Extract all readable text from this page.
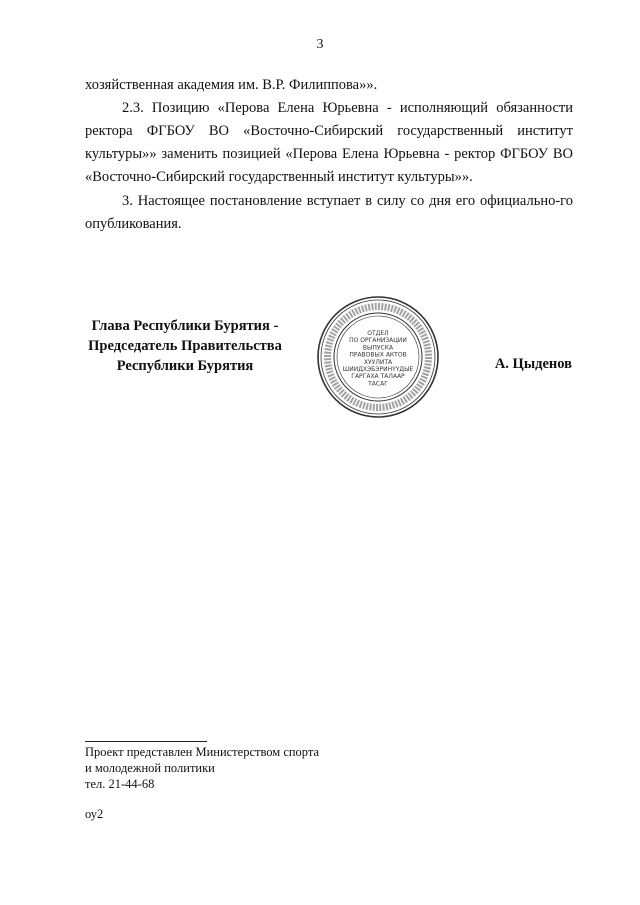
3

хозяйственная академия им. В.Р. Филиппова»».

2.3. Позицию «Перова Елена Юрьевна - исполняющий обязанности ректора ФГБОУ ВО «Восточно-Сибирский государственный институт культуры»» заменить позицией «Перова Елена Юрьевна - ректор ФГБОУ ВО «Восточно-Сибирский государственный институт культуры»».

3. Настоящее постановление вступает в силу со дня его официально-го опубликования.

Глава Республики Бурятия -
Председатель Правительства
Республики Бурятия
ОТДЕЛ
ПО ОРГАНИЗАЦИИ
ВЫПУСКА
ПРАВОВЫХ АКТОВ
ХУУЛИТА
ШИИДХЭБЭРИНҮҮДЫЕ
ГАРГАХА ТАЛААР
ТАСАГ
А. Цыденов
Проект представлен Министерством спорта
и молодежной политики
тел. 21-44-68
оу2
